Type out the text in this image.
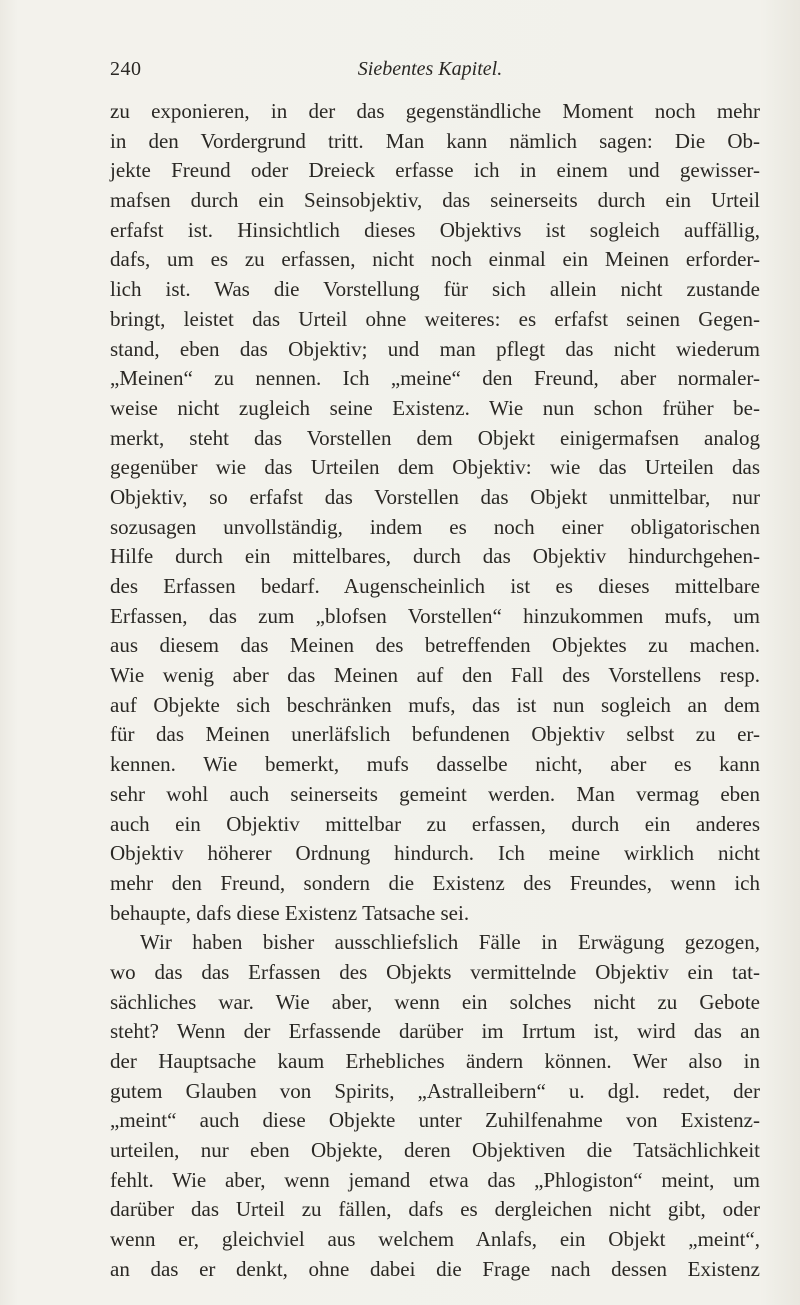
240	Siebentes Kapitel.
zu exponieren, in der das gegenständliche Moment noch mehr
in den Vordergrund tritt. Man kann nämlich sagen: Die Ob-
jekte Freund oder Dreieck erfasse ich in einem und gewisser-
mafsen durch ein Seinsobjektiv, das seinerseits durch ein Urteil
erfafst ist. Hinsichtlich dieses Objektivs ist sogleich auffällig,
dafs, um es zu erfassen, nicht noch einmal ein Meinen erforder-
lich ist. Was die Vorstellung für sich allein nicht zustande
bringt, leistet das Urteil ohne weiteres: es erfafst seinen Gegen-
stand, eben das Objektiv; und man pflegt das nicht wiederum
„Meinen“ zu nennen. Ich „meine“ den Freund, aber normaler-
weise nicht zugleich seine Existenz. Wie nun schon früher be-
merkt, steht das Vorstellen dem Objekt einigermafsen analog
gegenüber wie das Urteilen dem Objektiv: wie das Urteilen das
Objektiv, so erfafst das Vorstellen das Objekt unmittelbar, nur
sozusagen unvollständig, indem es noch einer obligatorischen
Hilfe durch ein mittelbares, durch das Objektiv hindurchgehen-
des Erfassen bedarf. Augenscheinlich ist es dieses mittelbare
Erfassen, das zum „blofsen Vorstellen“ hinzukommen mufs, um
aus diesem das Meinen des betreffenden Objektes zu machen.
Wie wenig aber das Meinen auf den Fall des Vorstellens resp.
auf Objekte sich beschränken mufs, das ist nun sogleich an dem
für das Meinen unerläfslich befundenen Objektiv selbst zu er-
kennen. Wie bemerkt, mufs dasselbe nicht, aber es kann
sehr wohl auch seinerseits gemeint werden. Man vermag eben
auch ein Objektiv mittelbar zu erfassen, durch ein anderes
Objektiv höherer Ordnung hindurch. Ich meine wirklich nicht
mehr den Freund, sondern die Existenz des Freundes, wenn ich
behaupte, dafs diese Existenz Tatsache sei.
Wir haben bisher ausschliefslich Fälle in Erwägung gezogen,
wo das das Erfassen des Objekts vermittelnde Objektiv ein tat-
sächliches war. Wie aber, wenn ein solches nicht zu Gebote
steht? Wenn der Erfassende darüber im Irrtum ist, wird das an
der Hauptsache kaum Erhebliches ändern können. Wer also in
gutem Glauben von Spirits, „Astralleibern“ u. dgl. redet, der
„meint“ auch diese Objekte unter Zuhilfenahme von Existenz-
urteilen, nur eben Objekte, deren Objektiven die Tatsächlichkeit
fehlt. Wie aber, wenn jemand etwa das „Phlogiston“ meint, um
darüber das Urteil zu fällen, dafs es dergleichen nicht gibt, oder
wenn er, gleichviel aus welchem Anlafs, ein Objekt „meint“,
an das er denkt, ohne dabei die Frage nach dessen Existenz
